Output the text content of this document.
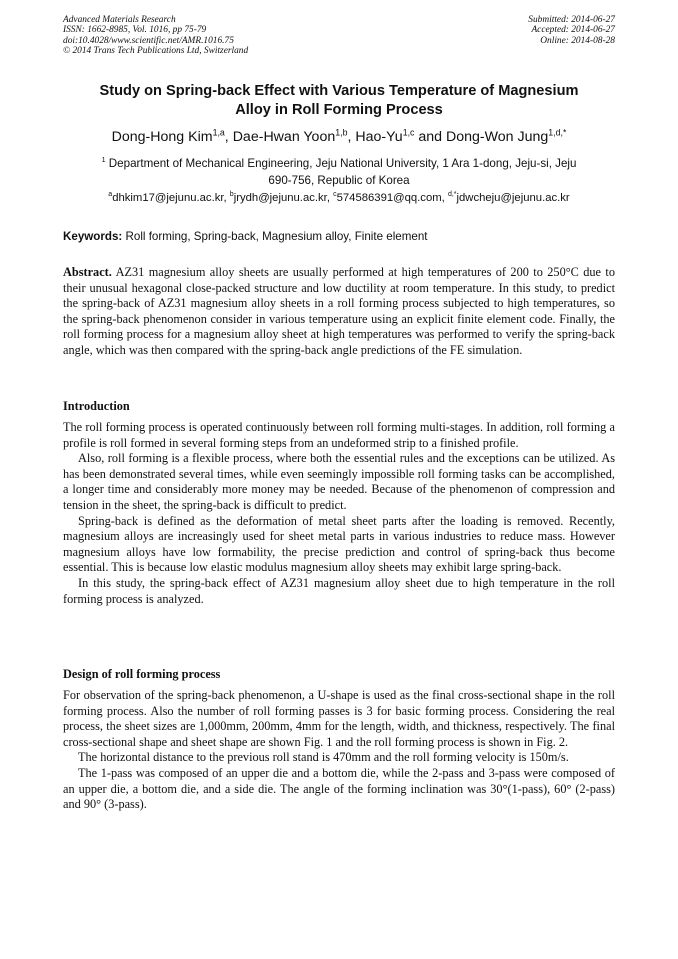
Advanced Materials Research
ISSN: 1662-8985, Vol. 1016, pp 75-79
doi:10.4028/www.scientific.net/AMR.1016.75
© 2014 Trans Tech Publications Ltd, Switzerland
Submitted: 2014-06-27
Accepted: 2014-06-27
Online: 2014-08-28
Study on Spring-back Effect with Various Temperature of Magnesium
Alloy in Roll Forming Process
Dong-Hong Kim$^{1,a}$, Dae-Hwan Yoon$^{1,b}$, Hao-Yu$^{1,c}$ and Dong-Won Jung$^{1,d,*}$
$^1$ Department of Mechanical Engineering, Jeju National University, 1 Ara 1-dong, Jeju-si, Jeju
690-756, Republic of Korea
$^a$dhkim17@jejunu.ac.kr, $^b$jrydh@jejunu.ac.kr, $^c$574586391@qq.com, $^{d,*}$jdwcheju@jejunu.ac.kr
Keywords: Roll forming, Spring-back, Magnesium alloy, Finite element

Abstract. AZ31 magnesium alloy sheets are usually performed at high temperatures of 200 to 250°C due to their unusual hexagonal close-packed structure and low ductility at room temperature. In this study, to predict the spring-back of AZ31 magnesium alloy sheets in a roll forming process subjected to high temperatures, so the spring-back phenomenon consider in various temperature using an explicit finite element code. Finally, the roll forming process for a magnesium alloy sheet at high temperatures was performed to verify the spring-back angle, which was then compared with the spring-back angle predictions of the FE simulation.

Introduction

The roll forming process is operated continuously between roll forming multi-stages. In addition, roll forming a profile is roll formed in several forming steps from an undeformed strip to a finished profile.

Also, roll forming is a flexible process, where both the essential rules and the exceptions can be utilized. As has been demonstrated several times, while even seemingly impossible roll forming tasks can be accomplished, a longer time and considerably more money may be needed. Because of the phenomenon of compression and tension in the sheet, the spring-back is difficult to predict.

Spring-back is defined as the deformation of metal sheet parts after the loading is removed. Recently, magnesium alloys are increasingly used for sheet metal parts in various industries to reduce mass. However magnesium alloys have low formability, the precise prediction and control of spring-back thus become essential. This is because low elastic modulus magnesium alloy sheets may exhibit large spring-back.

In this study, the spring-back effect of AZ31 magnesium alloy sheet due to high temperature in the roll forming process is analyzed.

Design of roll forming process

For observation of the spring-back phenomenon, a U-shape is used as the final cross-sectional shape in the roll forming process. Also the number of roll forming passes is 3 for basic forming process. Considering the real process, the sheet sizes are 1,000mm, 200mm, 4mm for the length, width, and thickness, respectively. The final cross-sectional shape and sheet shape are shown Fig. 1 and the roll forming process is shown in Fig. 2.

The horizontal distance to the previous roll stand is 470mm and the roll forming velocity is 150m/s.

The 1-pass was composed of an upper die and a bottom die, while the 2-pass and 3-pass were composed of an upper die, a bottom die, and a side die. The angle of the forming inclination was 30°(1-pass), 60° (2-pass) and 90° (3-pass).
